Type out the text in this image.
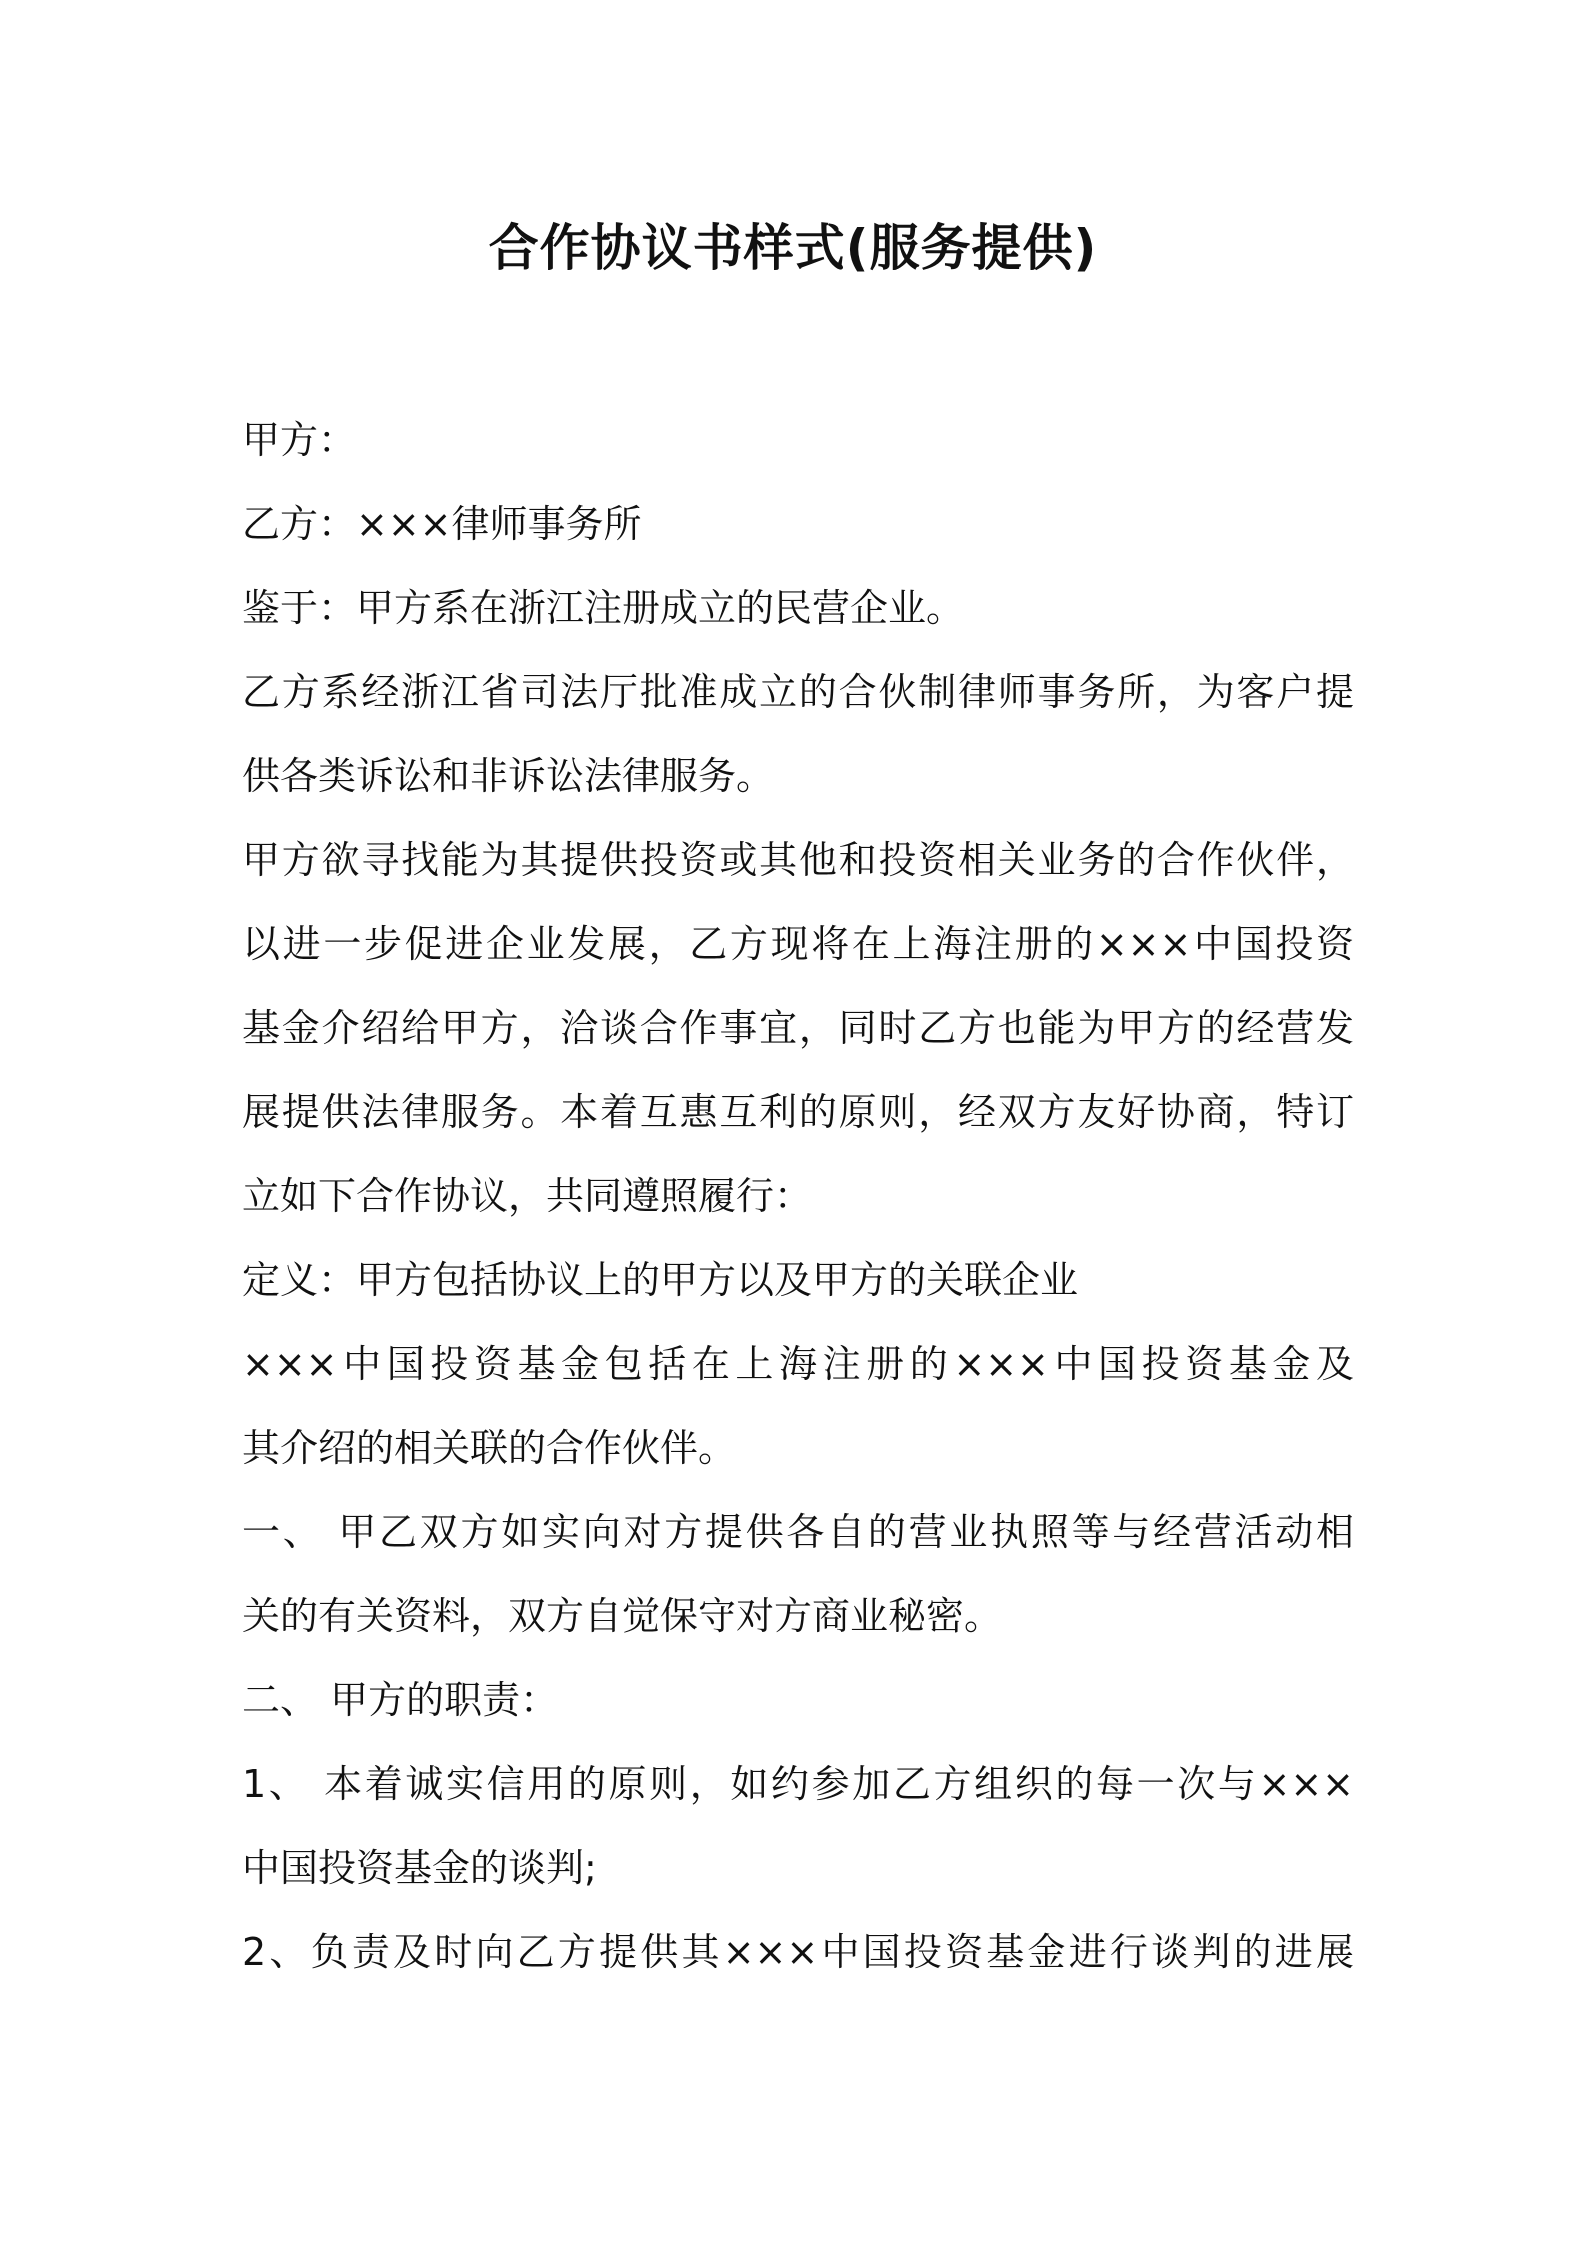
合作协议书样式(服务提供)
甲方：
乙方：×××律师事务所
鉴于：甲方系在浙江注册成立的民营企业。
乙方系经浙江省司法厅批准成立的合伙制律师事务所，为客户提
供各类诉讼和非诉讼法律服务。
甲方欲寻找能为其提供投资或其他和投资相关业务的合作伙伴，
以进一步促进企业发展，乙方现将在上海注册的×××中国投资
基金介绍给甲方，洽谈合作事宜，同时乙方也能为甲方的经营发
展提供法律服务。本着互惠互利的原则，经双方友好协商，特订
立如下合作协议，共同遵照履行：
定义：甲方包括协议上的甲方以及甲方的关联企业
×××中国投资基金包括在上海注册的×××中国投资基金及
其介绍的相关联的合作伙伴。
一、 甲乙双方如实向对方提供各自的营业执照等与经营活动相
关的有关资料，双方自觉保守对方商业秘密。
二、 甲方的职责：
1、 本着诚实信用的原则，如约参加乙方组织的每一次与×××
中国投资基金的谈判;
2、负责及时向乙方提供其×××中国投资基金进行谈判的进展
